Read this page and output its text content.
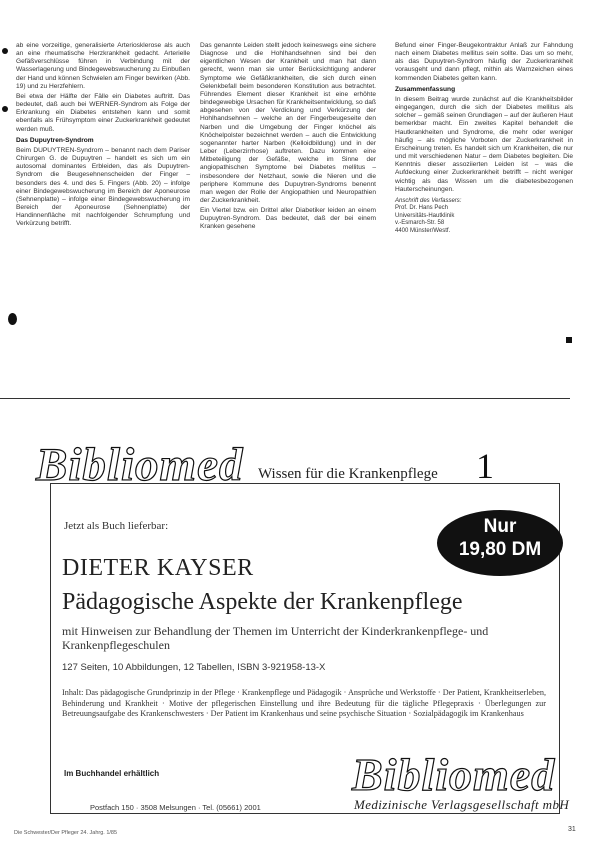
ab eine vorzeitige, generalisierte Arteriosklerose als auch an eine rheumatische Herzkrankheit gedacht. Arterielle Gefäßverschlüsse führen in Verbindung mit der Wasserlagerung und Bindegewebswucherung zu Einbußen der Hand und können Schwielen am Finger bewirken (Abb. 19) und zu Herzfehlern.

Bei etwa der Hälfte der Fälle ein Diabetes auftritt. Das bedeutet, daß auch bei WERNER-Syndrom als Folge der Erkrankung ein Diabetes entstehen kann und somit ebenfalls als Frühsymptom einer Zuckerkrankheit gedeutet werden muß.

Das Dupuytren-Syndrom

Beim DUPUYTREN-Syndrom – benannt nach dem Pariser Chirurgen G. de Dupuytren – handelt es sich um ein autosomal dominantes Erbleiden, das als Dupuytren-Syndrom die Beugesehnenscheiden der Finger – besonders des 4. und des 5. Fingers (Abb. 20) – infolge einer Bindegewebswucherung im Bereich der Aponeurose (Sehnenplatte) – infolge einer Bindegewebswucherung im Bereich der Aponeurose (Sehnenplatte) der Handinnenfläche mit nachfolgender Schrumpfung und Verkürzung betrifft.

Das genannte Leiden stellt jedoch keineswegs eine sichere Diagnose und die Hohlhandsehnen sind bei den eigentlichen Wesen der Krankheit und man hat dann gerecht, wenn man sie unter Berücksichtigung anderer Symptome wie Gefäßkrankheiten, die sich durch einen Gelenkbefall beim besonderen Konstitution aus betrachtet. Führendes Element dieser Krankheit ist eine erhöhte bindegewebige Ursachen für Krankheitsentwicklung, so daß abgesehen von der Verdickung und Verkürzung der Hohlhandsehnen – welche an der Fingerbeugeseite den Narben und die Umgebung der Finger knöchel als Knöchelpolster bezeichnet werden – auch die Entwicklung sogenannter harter Narben (Kelloidbildung) und in der Leber (Leberzirrhose) auftreten. Dazu kommen eine Mitbeteiligung der Gefäße, welche im Sinne der angiopathischen Symptome bei Diabetes mellitus – insbesondere der Netzhaut, sowie die Nieren und die periphere Kommune des Dupuytren-Syndroms benennt man wegen der Rolle der Angiopathien und Neuropathien der Zuckerkrankheit.

Ein Viertel bzw. ein Drittel aller Diabetiker leiden an einem Dupuytren-Syndrom. Das bedeutet, daß der bei einem Kranken gesehene

Befund einer Finger-Beugekontraktur Anlaß zur Fahndung nach einem Diabetes mellitus sein sollte. Das um so mehr, als das Dupuytren-Syndrom häufig der Zuckerkrankheit vorausgeht und dann pflegt, mithin als Warnzeichen eines kommenden Diabetes gelten kann.

Zusammenfassung

In diesem Beitrag wurde zunächst auf die Krankheitsbilder eingegangen, durch die sich der Diabetes mellitus als solcher – gemäß seinen Grundlagen – auf der äußeren Haut bemerkbar macht. Ein zweites Kapitel behandelt die Hautkrankheiten und Syndrome, die mehr oder weniger häufig – als mögliche Vorboten der Zuckerkrankheit in Erscheinung treten. Es handelt sich um Krankheiten, die nur und mit verschiedenen Natur – dem Diabetes begleiten. Die Kenntnis dieser assoziierten Leiden ist – was die Aufdeckung einer Zuckerkrankheit betrifft – nicht weniger wichtig als das Wissen um die diabetesbezogenen Hauterscheinungen.

Anschrift des Verfassers:
Prof. Dr. Hans Pech
Universitäts-Hautklinik
v.-Esmarch-Str. 58
4400 Münster/Westf.
Bibliomed Wissen für die Krankenpflege 1
Jetzt als Buch lieferbar:	Nur
19,80 DM
DIETER KAYSER
Pädagogische Aspekte der Krankenpflege
mit Hinweisen zur Behandlung der Themen im Unterricht der Kinderkrankenpflege- und Krankenpflegeschulen
127 Seiten, 10 Abbildungen, 12 Tabellen, ISBN 3-921958-13-X
Inhalt: Das pädagogische Grundprinzip in der Pflege · Krankenpflege und Pädagogik · Ansprüche und Werkstoffe · Der Patient, Krankheitserleben, Behinderung und Krankheit · Motive der pflegerischen Einstellung und ihre Bedeutung für die tägliche Pflegepraxis · Überlegungen zur Betreuungsaufgabe des Krankenschwesters · Der Patient im Krankenhaus und seine psychische Situation · Sozialpädagogik im Krankenhaus
Im Buchhandel erhältlich	Bibliomed
Medizinische Verlagsgesellschaft mbH
Postfach 150 · 3508 Melsungen · Tel. (05661) 2001
Die Schwester/Der Pfleger 24. Jahrg. 1/85	31
